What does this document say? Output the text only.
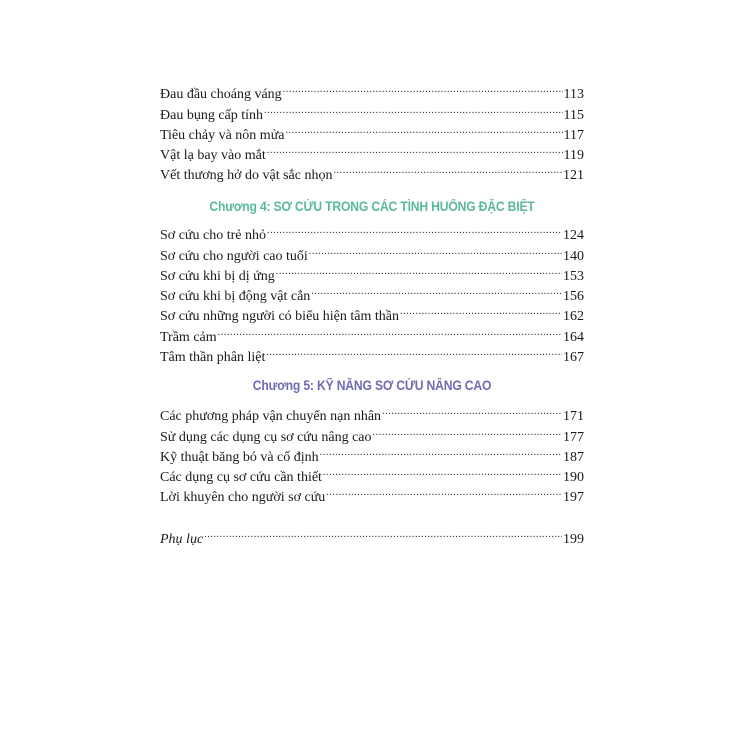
Đau đầu choáng váng .....	113
Đau bụng cấp tính .....	115
Tiêu chảy và nôn mửa .....	117
Vật lạ bay vào mắt .....	119
Vết thương hở do vật sắc nhọn .....	121
Chương 4: SƠ CỨU TRONG CÁC TÌNH HUỐNG ĐẶC BIỆT
Sơ cứu cho trẻ nhỏ .....	124
Sơ cứu cho người cao tuổi .....	140
Sơ cứu khi bị dị ứng .....	153
Sơ cứu khi bị động vật cắn .....	156
Sơ cứu những người có biểu hiện tâm thần .....	162
Trầm cảm .....	164
Tâm thần phân liệt .....	167
Chương 5: KỸ NĂNG SƠ CỨU NÂNG CAO
Các phương pháp vận chuyển nạn nhân .....	171
Sử dụng các dụng cụ sơ cứu nâng cao .....	177
Kỹ thuật băng bó và cố định .....	187
Các dụng cụ sơ cứu cần thiết .....	190
Lời khuyên cho người sơ cứu .....	197
Phụ lục .....	199
